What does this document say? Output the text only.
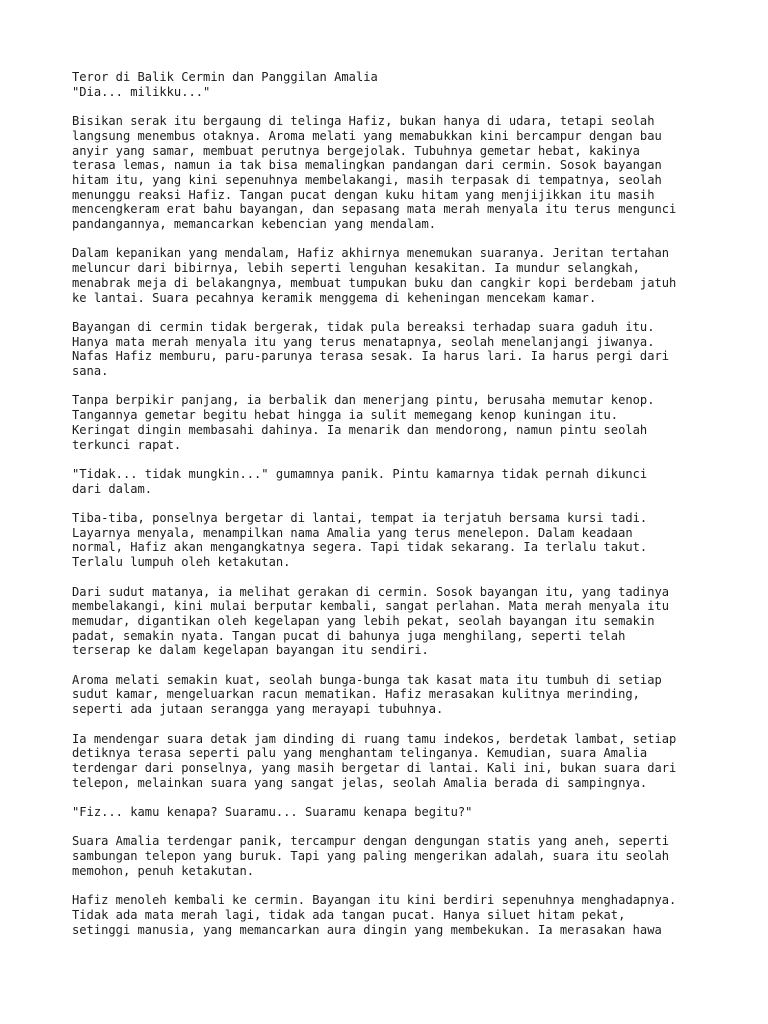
Teror di Balik Cermin dan Panggilan Amalia

"Dia... milikku..."

Bisikan serak itu bergaung di telinga Hafiz, bukan hanya di udara, tetapi seolah
langsung menembus otaknya. Aroma melati yang memabukkan kini bercampur dengan bau
anyir yang samar, membuat perutnya bergejolak. Tubuhnya gemetar hebat, kakinya
terasa lemas, namun ia tak bisa memalingkan pandangan dari cermin. Sosok bayangan
hitam itu, yang kini sepenuhnya membelakangi, masih terpasak di tempatnya, seolah
menunggu reaksi Hafiz. Tangan pucat dengan kuku hitam yang menjijikkan itu masih
mencengkeram erat bahu bayangan, dan sepasang mata merah menyala itu terus mengunci
pandangannya, memancarkan kebencian yang mendalam.
Dalam kepanikan yang mendalam, Hafiz akhirnya menemukan suaranya. Jeritan tertahan
meluncur dari bibirnya, lebih seperti lenguhan kesakitan. Ia mundur selangkah,
menabrak meja di belakangnya, membuat tumpukan buku dan cangkir kopi berdebam jatuh
ke lantai. Suara pecahnya keramik menggema di keheningan mencekam kamar.
Bayangan di cermin tidak bergerak, tidak pula bereaksi terhadap suara gaduh itu.
Hanya mata merah menyala itu yang terus menatapnya, seolah menelanjangi jiwanya.
Nafas Hafiz memburu, paru-parunya terasa sesak. Ia harus lari. Ia harus pergi dari
sana.
Tanpa berpikir panjang, ia berbalik dan menerjang pintu, berusaha memutar kenop.
Tangannya gemetar begitu hebat hingga ia sulit memegang kenop kuningan itu.
Keringat dingin membasahi dahinya. Ia menarik dan mendorong, namun pintu seolah
terkunci rapat.
"Tidak... tidak mungkin..." gumamnya panik. Pintu kamarnya tidak pernah dikunci
dari dalam.
Tiba-tiba, ponselnya bergetar di lantai, tempat ia terjatuh bersama kursi tadi.
Layarnya menyala, menampilkan nama Amalia yang terus menelepon. Dalam keadaan
normal, Hafiz akan mengangkatnya segera. Tapi tidak sekarang. Ia terlalu takut.
Terlalu lumpuh oleh ketakutan.
Dari sudut matanya, ia melihat gerakan di cermin. Sosok bayangan itu, yang tadinya
membelakangi, kini mulai berputar kembali, sangat perlahan. Mata merah menyala itu
memudar, digantikan oleh kegelapan yang lebih pekat, seolah bayangan itu semakin
padat, semakin nyata. Tangan pucat di bahunya juga menghilang, seperti telah
terserap ke dalam kegelapan bayangan itu sendiri.
Aroma melati semakin kuat, seolah bunga-bunga tak kasat mata itu tumbuh di setiap
sudut kamar, mengeluarkan racun mematikan. Hafiz merasakan kulitnya merinding,
seperti ada jutaan serangga yang merayapi tubuhnya.
Ia mendengar suara detak jam dinding di ruang tamu indekos, berdetak lambat, setiap
detiknya terasa seperti palu yang menghantam telinganya. Kemudian, suara Amalia
terdengar dari ponselnya, yang masih bergetar di lantai. Kali ini, bukan suara dari
telepon, melainkan suara yang sangat jelas, seolah Amalia berada di sampingnya.
"Fiz... kamu kenapa? Suaramu... Suaramu kenapa begitu?"
Suara Amalia terdengar panik, tercampur dengan dengungan statis yang aneh, seperti
sambungan telepon yang buruk. Tapi yang paling mengerikan adalah, suara itu seolah
memohon, penuh ketakutan.
Hafiz menoleh kembali ke cermin. Bayangan itu kini berdiri sepenuhnya menghadapnya.
Tidak ada mata merah lagi, tidak ada tangan pucat. Hanya siluet hitam pekat,
setinggi manusia, yang memancarkan aura dingin yang membekukan. Ia merasakan hawa
